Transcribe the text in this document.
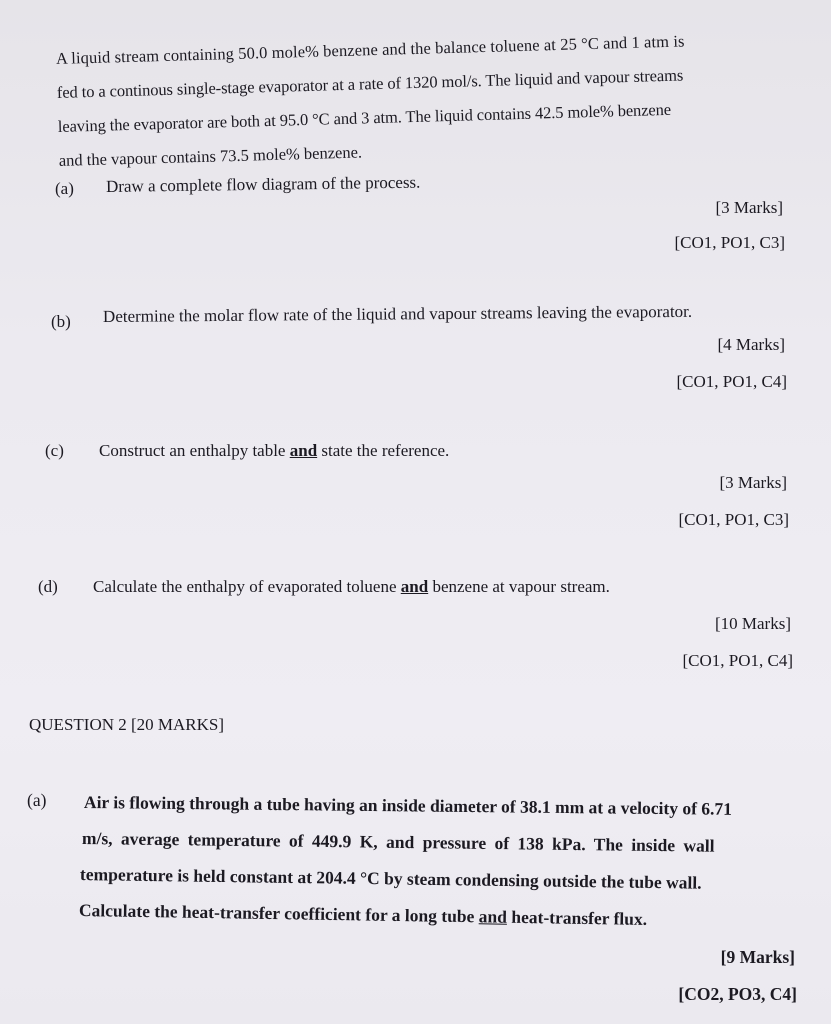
A liquid stream containing 50.0 mole% benzene and the balance toluene at 25 °C and 1 atm is
fed to a continous single-stage evaporator at a rate of 1320 mol/s. The liquid and vapour streams
leaving the evaporator are both at 95.0 °C and 3 atm. The liquid contains 42.5 mole% benzene
and the vapour contains 73.5 mole% benzene.
(a) Draw a complete flow diagram of the process.
[3 Marks]
[CO1, PO1, C3]
(b) Determine the molar flow rate of the liquid and vapour streams leaving the evaporator.
[4 Marks]
[CO1, PO1, C4]
(c) Construct an enthalpy table and state the reference.
[3 Marks]
[CO1, PO1, C3]
(d) Calculate the enthalpy of evaporated toluene and benzene at vapour stream.
[10 Marks]
[CO1, PO1, C4]
QUESTION 2 [20 MARKS]
(a) Air is flowing through a tube having an inside diameter of 38.1 mm at a velocity of 6.71
m/s, average temperature of 449.9 K, and pressure of 138 kPa. The inside wall
temperature is held constant at 204.4 °C by steam condensing outside the tube wall.
Calculate the heat-transfer coefficient for a long tube and heat-transfer flux.
[9 Marks]
[CO2, PO3, C4]
